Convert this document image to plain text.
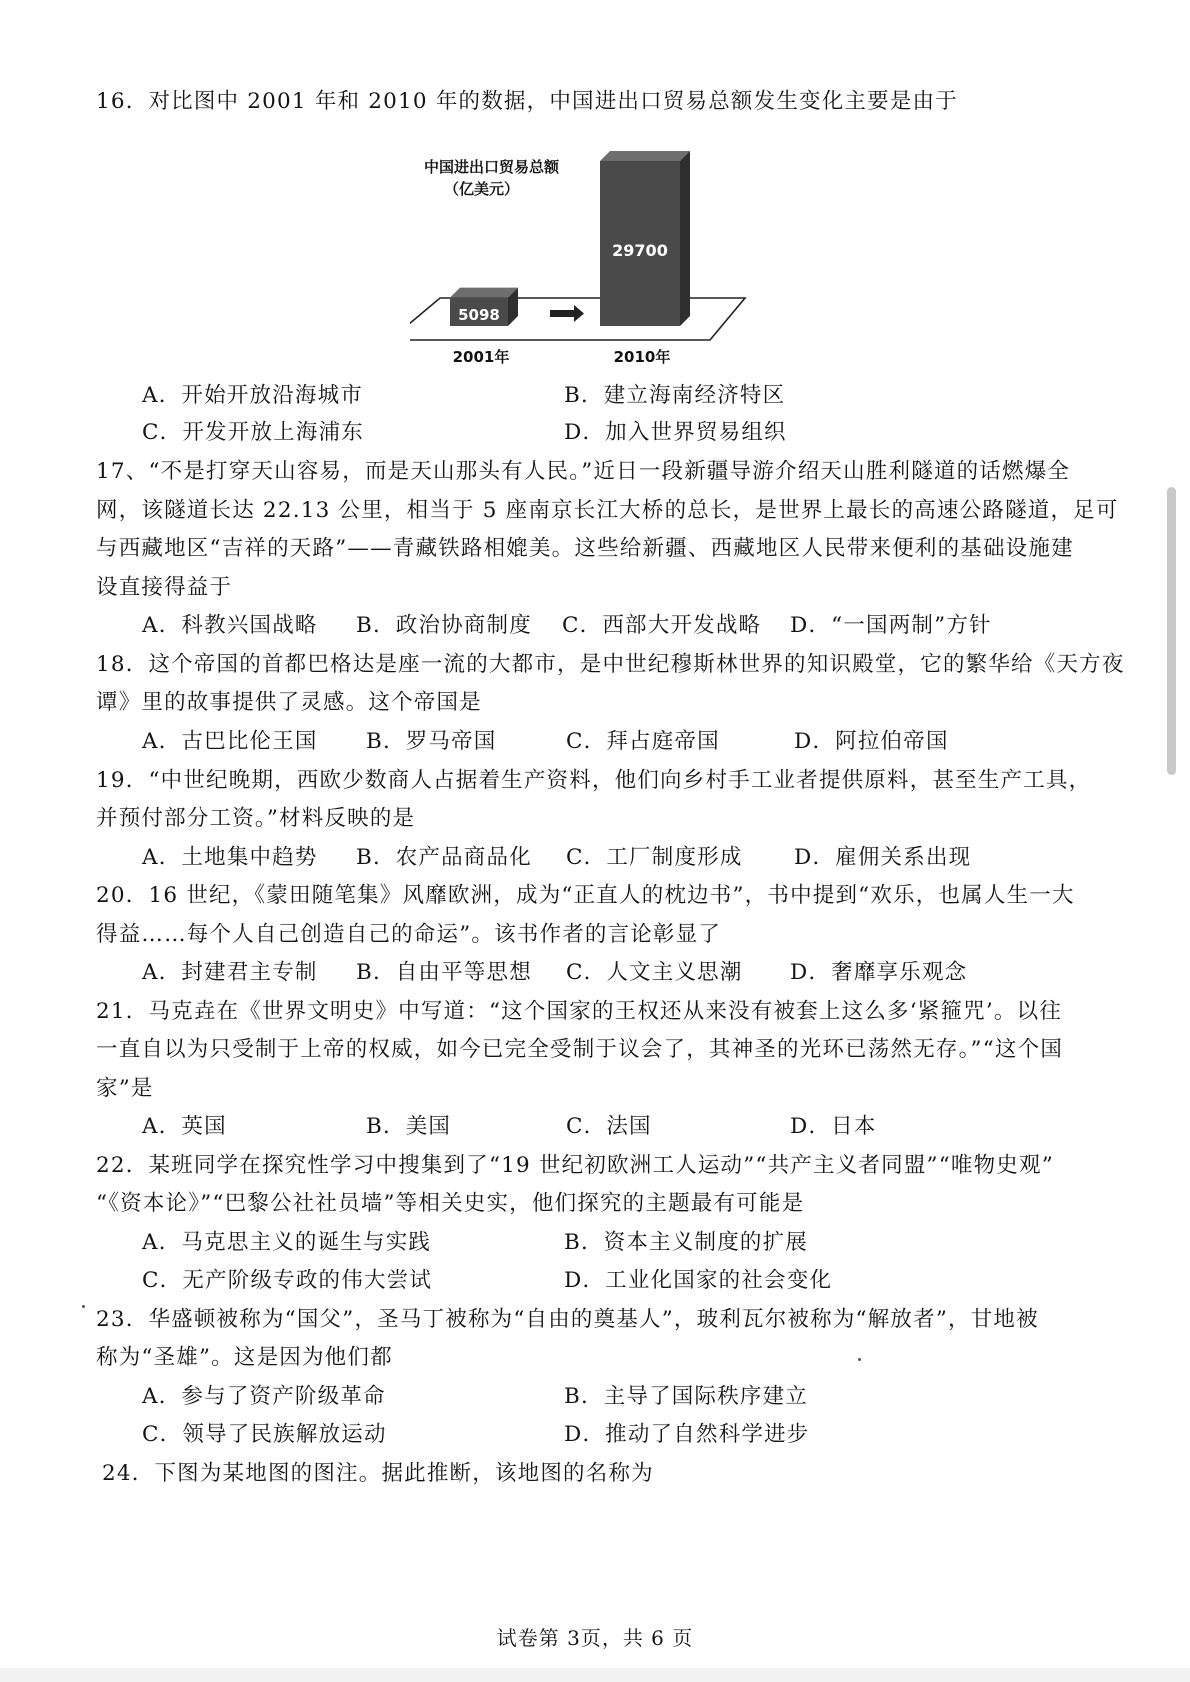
16．对比图中 2001 年和 2010 年的数据，中国进出口贸易总额发生变化主要是由于
中国进出口贸易总额
（亿美元）
5098
2001年
29700
2010年
A．开始开放沿海城市	B．建立海南经济特区
C．开发开放上海浦东	D．加入世界贸易组织
17、“不是打穿天山容易，而是天山那头有人民。”近日一段新疆导游介绍天山胜利隧道的话燃爆全
网，该隧道长达 22.13 公里，相当于 5 座南京长江大桥的总长，是世界上最长的高速公路隧道，足可
与西藏地区“吉祥的天路”——青藏铁路相媲美。这些给新疆、西藏地区人民带来便利的基础设施建
设直接得益于
A．科教兴国战略 B．政治协商制度 C．西部大开发战略 D．“一国两制”方针
18．这个帝国的首都巴格达是座一流的大都市，是中世纪穆斯林世界的知识殿堂，它的繁华给《天方夜
谭》里的故事提供了灵感。这个帝国是
A．古巴比伦王国 B．罗马帝国	C．拜占庭帝国	D．阿拉伯帝国
19．“中世纪晚期，西欧少数商人占据着生产资料，他们向乡村手工业者提供原料，甚至生产工具，
并预付部分工资。”材料反映的是
A．土地集中趋势 B．农产品商品化 C．工厂制度形成 D．雇佣关系出现
20．16 世纪，《蒙田随笔集》风靡欧洲，成为“正直人的枕边书”，书中提到“欢乐，也属人生一大
得益……每个人自己创造自己的命运”。该书作者的言论彰显了
A．封建君主专制 B．自由平等思想 C．人文主义思潮 D．奢靡享乐观念
21．马克垚在《世界文明史》中写道：“这个国家的王权还从来没有被套上这么多‘紧箍咒’。以往
一直自以为只受制于上帝的权威，如今已完全受制于议会了，其神圣的光环已荡然无存。”“这个国
家”是
A．英国	B．美国	C．法国	D．日本
22．某班同学在探究性学习中搜集到了“19 世纪初欧洲工人运动”“共产主义者同盟”“唯物史观”
“《资本论》”“巴黎公社社员墙”等相关史实，他们探究的主题最有可能是
A．马克思主义的诞生与实践	B．资本主义制度的扩展
C．无产阶级专政的伟大尝试	D．工业化国家的社会变化
23．华盛顿被称为“国父”，圣马丁被称为“自由的奠基人”，玻利瓦尔被称为“解放者”，甘地被
称为“圣雄”。这是因为他们都
A．参与了资产阶级革命	B．主导了国际秩序建立
C．领导了民族解放运动	D．推动了自然科学进步
24．下图为某地图的图注。据此推断，该地图的名称为
试卷第 3页，共 6 页
